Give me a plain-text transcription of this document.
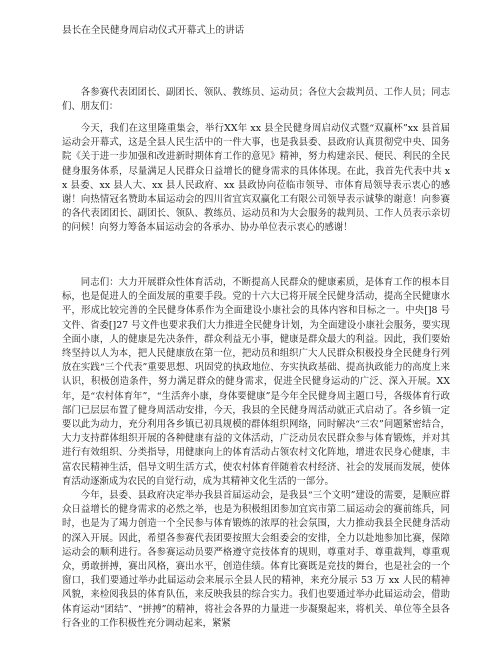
县长在全民健身周启动仪式开幕式上的讲话

各参赛代表团团长、副团长、领队、教练员、运动员；各位大会裁判员、工作人员；同志们、朋友们：

今天，我们在这里隆重集会，举行XX年 xx 县全民健身周启动仪式暨“双赢杯”xx 县首届运动会开幕式，这是全县人民生活中的一件大事，也是我县委、县政府认真贯彻党中央、国务院《关于进一步加强和改进新时期体育工作的意见》精神，努力构建亲民、便民、利民的全民健身服务体系，尽量满足人民群众日益增长的健身需求的具体体现。在此，我首先代表中共 xx 县委、xx 县人大、xx 县人民政府、xx 县政协向莅临市领导、市体育局领导表示衷心的感谢！向热情冠名赞助本届运动会的四川省宜宾双赢化工有限公司领导表示诚挚的谢意！向参赛的各代表团团长、副团长、领队、教练员、运动员和为大会服务的裁判员、工作人员表示亲切的问候！向努力筹备本届运动会的各承办、协办单位表示衷心的感谢！

同志们：大力开展群众性体育活动，不断提高人民群众的健康素质，是体育工作的根本目标，也是促进人的全面发展的重要手段。党的十六大已将开展全民健身活动，提高全民健康水平，形成比较完善的全民健身体系作为全面建设小康社会的具体内容和目标之一。中央[]8 号文件、省委[]27 号文件也要求我们大力推进全民健身计划，为全面建设小康社会服务，要实现全面小康，人的健康是先决条件，群众利益无小事，健康是群众最大的利益。因此，我们要始终坚持以人为本，把人民健康放在第一位，把动员和组织广大人民群众积极投身全民健身行列放在实践“三个代表”重要思想、巩固党的执政地位、夯实执政基础、提高执政能力的高度上来认识，积极创造条件，努力满足群众的健身需求，促进全民健身运动的广泛、深入开展。XX年，是“农村体育年”，“生活奔小康，身体要健康”是今年全民健身周主题口号，各级体育行政部门已层层布置了健身周活动安排，今天，我县的全民健身周活动就正式启动了。各乡镇一定要以此为动力，充分利用各乡镇已初具规模的群体组织网络，同时解决“三农”问题紧密结合，大力支持群体组织开展的各种健康有益的文体活动，广泛动员农民群众参与体育锻炼，并对其进行有效组织、分类指导，用健康向上的体育活动占领农村文化阵地，增进农民身心健康，丰富农民精神生活，倡导文明生活方式，使农村体育伴随着农村经济、社会的发展而发展，使体育活动逐渐成为农民的自觉行动，成为其精神文化生活的一部分。

今年，县委、县政府决定举办我县首届运动会，是我县“三个文明”建设的需要，是顺应群众日益增长的健身需求的必然之举，也是为积极组团参加宜宾市第二届运动会的赛前练兵，同时，也是为了竭力创造一个全民参与体育锻炼的浓厚的社会氛围，大力推动我县全民健身活动的深入开展。因此，希望各参赛代表团要按照大会组委会的安排，全力以赴地参加比赛，保障运动会的顺利进行。各参赛运动员要严格遵守竞技体育的规则，尊重对手、尊重裁判，尊重观众，勇敢拼搏，赛出风格，赛出水平，创造佳绩。体育比赛既是竞技的舞台，也是社会的一个窗口，我们要通过举办此届运动会来展示全县人民的精神，来充分展示 53 万 xx 人民的精神风貌，来检阅我县的体育队伍，来反映我县的综合实力。我们也要通过举办此届运动会，借助体育运动“团结”、“拼搏”的精神，将社会各界的力量进一步凝聚起来，将机关、单位等全县各行各业的工作积极性充分调动起来，紧紧
